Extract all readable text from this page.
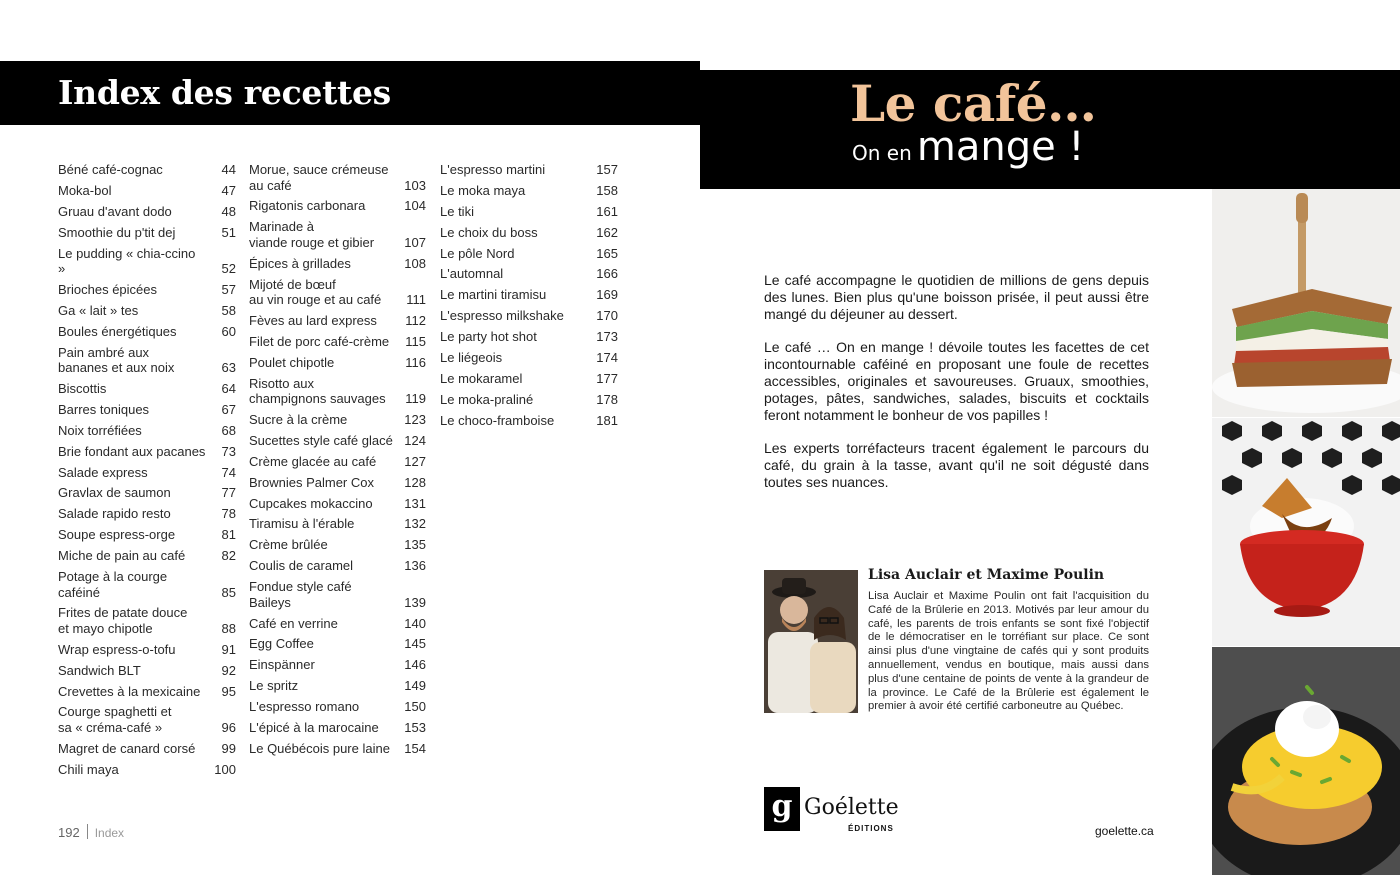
Index des recettes
Béné café-cognac	44
Moka-bol	47
Gruau d'avant dodo	48
Smoothie du p'tit dej	51
Le pudding « chia-ccino »	52
Brioches épicées	57
Ga « lait » tes	58
Boules énergétiques	60
Pain ambré aux
bananes et aux noix	63
Biscottis	64
Barres toniques	67
Noix torréfiées	68
Brie fondant aux pacanes	73
Salade express	74
Gravlax de saumon	77
Salade rapido resto	78
Soupe espress-orge	81
Miche de pain au café	82
Potage à la courge caféiné	85
Frites de patate douce
et mayo chipotle	88
Wrap espress-o-tofu	91
Sandwich BLT	92
Crevettes à la mexicaine	95
Courge spaghetti et
sa « créma-café »	96
Magret de canard corsé	99
Chili maya	100
Morue, sauce crémeuse
au café	103
Rigatonis carbonara	104
Marinade à
viande rouge et gibier	107
Épices à grillades	108
Mijoté de bœuf
au vin rouge et au café	111
Fèves au lard express	112
Filet de porc café-crème	115
Poulet chipotle	116
Risotto aux
champignons sauvages	119
Sucre à la crème	123
Sucettes style café glacé 124
Crème glacée au café	127
Brownies Palmer Cox	128
Cupcakes mokaccino	131
Tiramisu à l'érable	132
Crème brûlée	135
Coulis de caramel	136
Fondue style café Baileys	139
Café en verrine	140
Egg Coffee	145
Einspänner	146
Le spritz	149
L'espresso romano	150
L'épicé à la marocaine	153
Le Québécois pure laine	154
L'espresso martini	157
Le moka maya	158
Le tiki	161
Le choix du boss	162
Le pôle Nord	165
L'automnal	166
Le martini tiramisu	169
L'espresso milkshake	170
Le party hot shot	173
Le liégeois	174
Le mokaramel	177
Le moka-praliné	178
Le choco-framboise	181
192 Index
Le café…
On en mange !

Le café accompagne le quotidien de millions de gens depuis des lunes. Bien plus qu'une boisson prisée, il peut aussi être mangé du déjeuner au dessert.

Le café … On en mange ! dévoile toutes les facettes de cet incontournable caféiné en proposant une foule de recettes accessibles, originales et savoureuses. Gruaux, smoothies, potages, pâtes, sandwiches, salades, biscuits et cocktails feront notamment le bonheur de vos papilles !

Les experts torréfacteurs tracent également le parcours du café, du grain à la tasse, avant qu'il ne soit dégusté dans toutes ses nuances.

Lisa Auclair et Maxime Poulin
Lisa Auclair et Maxime Poulin ont fait l'acquisition du Café de la Brûlerie en 2013. Motivés par leur amour du café, les parents de trois enfants se sont fixé l'objectif de le démocratiser en le torréfiant sur place. Ce sont ainsi plus d'une vingtaine de cafés qui y sont produits annuellement, vendus en boutique, mais aussi dans plus d'une centaine de points de vente à la grandeur de la province. Le Café de la Brûlerie est également le premier à avoir été certifié carboneutre au Québec.
g Goélette
ÉDITIONS	goelette.ca
